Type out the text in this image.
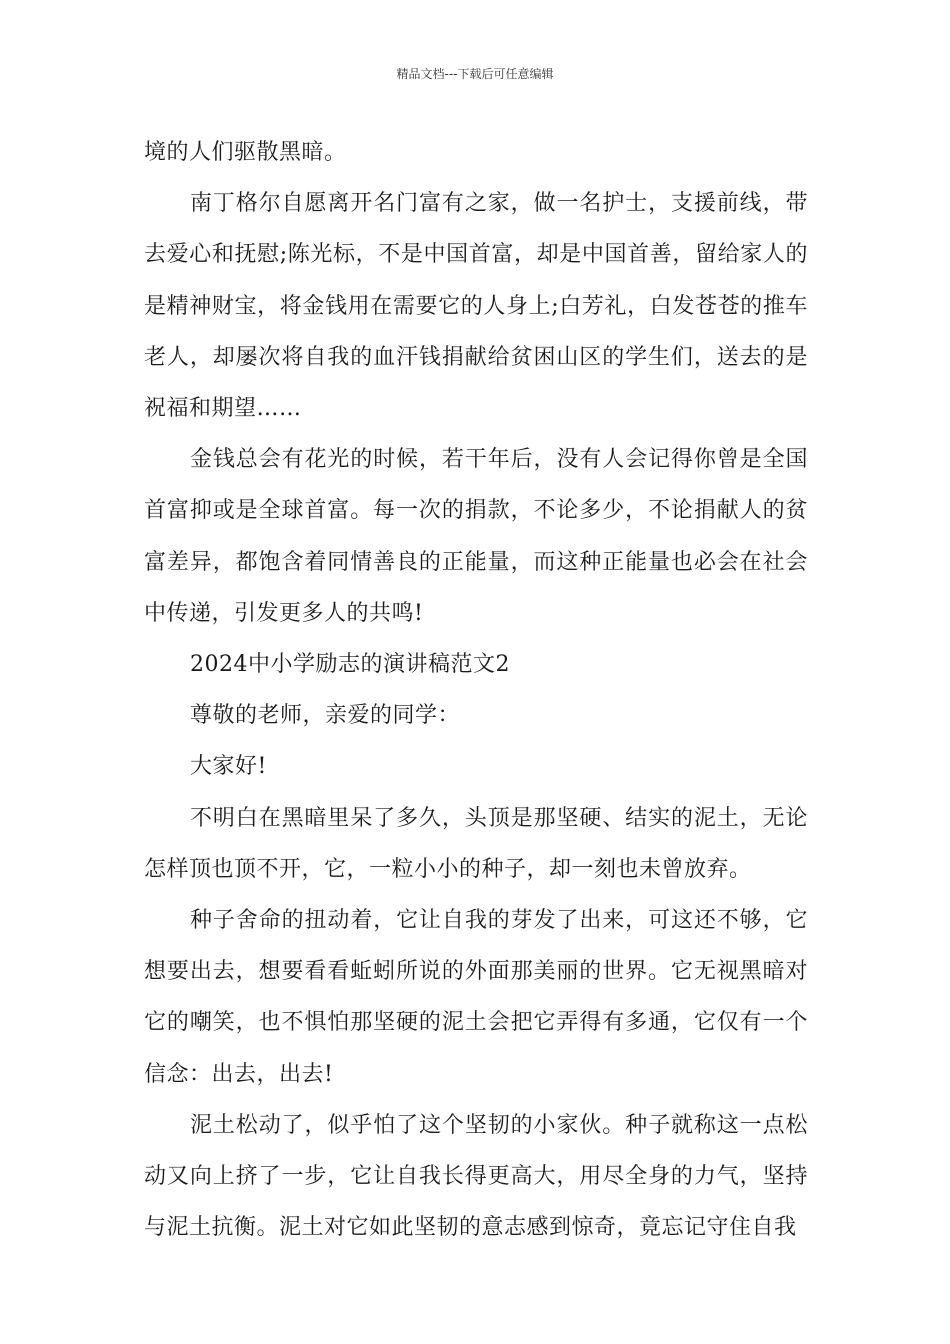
精品文档---下载后可任意编辑

境的人们驱散黑暗。

南丁格尔自愿离开名门富有之家，做一名护士，支援前线，带去爱心和抚慰;陈光标，不是中国首富，却是中国首善，留给家人的是精神财宝，将金钱用在需要它的人身上;白芳礼，白发苍苍的推车老人，却屡次将自我的血汗钱捐献给贫困山区的学生们，送去的是祝福和期望……

金钱总会有花光的时候，若干年后，没有人会记得你曾是全国首富抑或是全球首富。每一次的捐款，不论多少，不论捐献人的贫富差异，都饱含着同情善良的正能量，而这种正能量也必会在社会中传递，引发更多人的共鸣!

2024中小学励志的演讲稿范文2

尊敬的老师，亲爱的同学：

大家好!

不明白在黑暗里呆了多久，头顶是那坚硬、结实的泥土，无论怎样顶也顶不开，它，一粒小小的种子，却一刻也未曾放弃。

种子舍命的扭动着，它让自我的芽发了出来，可这还不够，它想要出去，想要看看蚯蚓所说的外面那美丽的世界。它无视黑暗对它的嘲笑，也不惧怕那坚硬的泥土会把它弄得有多通，它仅有一个信念：出去，出去!

泥土松动了，似乎怕了这个坚韧的小家伙。种子就称这一点松动又向上挤了一步，它让自我长得更高大，用尽全身的力气，坚持与泥土抗衡。泥土对它如此坚韧的意志感到惊奇，竟忘记守住自我
